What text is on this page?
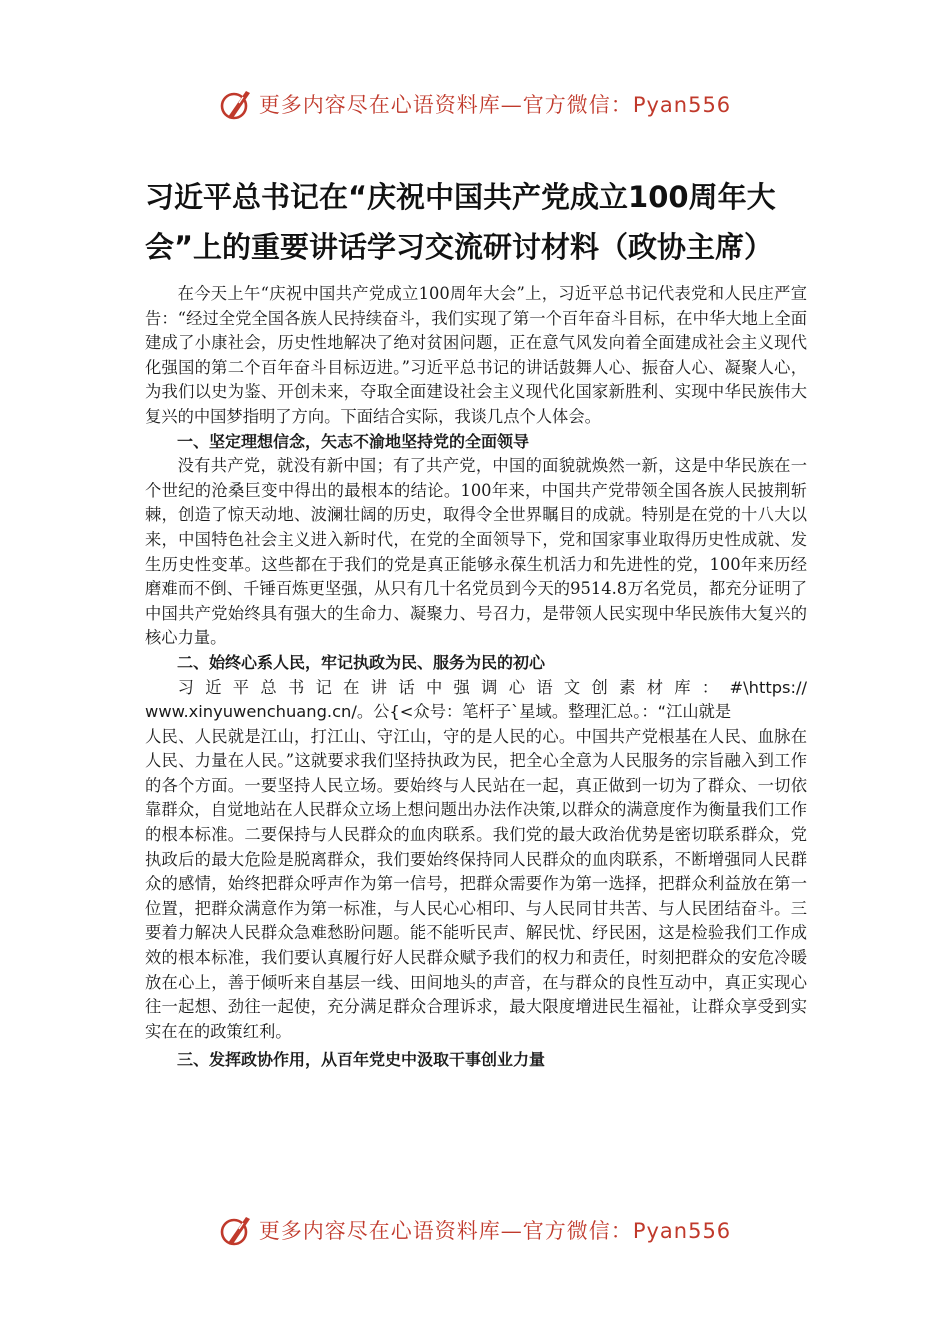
更多内容尽在心语资料库—官方微信：Pyan556
习近平总书记在“庆祝中国共产党成立100周年大会”上的重要讲话学习交流研讨材料（政协主席）

在今天上午“庆祝中国共产党成立100周年大会”上，习近平总书记代表党和人民庄严宣告：“经过全党全国各族人民持续奋斗，我们实现了第一个百年奋斗目标，在中华大地上全面建成了小康社会，历史性地解决了绝对贫困问题，正在意气风发向着全面建成社会主义现代化强国的第二个百年奋斗目标迈进。”习近平总书记的讲话鼓舞人心、振奋人心、凝聚人心，为我们以史为鉴、开创未来，夺取全面建设社会主义现代化国家新胜利、实现中华民族伟大复兴的中国梦指明了方向。下面结合实际，我谈几点个人体会。

一、坚定理想信念，矢志不渝地坚持党的全面领导

没有共产党，就没有新中国；有了共产党，中国的面貌就焕然一新，这是中华民族在一个世纪的沧桑巨变中得出的最根本的结论。100年来，中国共产党带领全国各族人民披荆斩棘，创造了惊天动地、波澜壮阔的历史，取得令全世界瞩目的成就。特别是在党的十八大以来，中国特色社会主义进入新时代，在党的全面领导下，党和国家事业取得历史性成就、发生历史性变革。这些都在于我们的党是真正能够永葆生机活力和先进性的党，100年来历经磨难而不倒、千锤百炼更坚强，从只有几十名党员到今天的9514.8万名党员，都充分证明了中国共产党始终具有强大的生命力、凝聚力、号召力，是带领人民实现中华民族伟大复兴的核心力量。

二、始终心系人民，牢记执政为民、服务为民的初心
习近平总书记在讲话中强调心语文创素材库：#\https://
www.xinyuwenchuang.cn/。公{<众号：笔杆子`星域。整理汇总。：“江山就是

人民、人民就是江山，打江山、守江山，守的是人民的心。中国共产党根基在人民、血脉在人民、力量在人民。”这就要求我们坚持执政为民，把全心全意为人民服务的宗旨融入到工作的各个方面。一要坚持人民立场。要始终与人民站在一起，真正做到一切为了群众、一切依靠群众，自觉地站在人民群众立场上想问题出办法作决策,以群众的满意度作为衡量我们工作的根本标准。二要保持与人民群众的血肉联系。我们党的最大政治优势是密切联系群众，党执政后的最大危险是脱离群众，我们要始终保持同人民群众的血肉联系，不断增强同人民群众的感情，始终把群众呼声作为第一信号，把群众需要作为第一选择，把群众利益放在第一位置，把群众满意作为第一标准，与人民心心相印、与人民同甘共苦、与人民团结奋斗。三要着力解决人民群众急难愁盼问题。能不能听民声、解民忧、纾民困，这是检验我们工作成效的根本标准，我们要认真履行好人民群众赋予我们的权力和责任，时刻把群众的安危冷暖放在心上，善于倾听来自基层一线、田间地头的声音，在与群众的良性互动中，真正实现心往一起想、劲往一起使，充分满足群众合理诉求，最大限度增进民生福祉，让群众享受到实实在在的政策红利。

三、发挥政协作用，从百年党史中汲取干事创业力量
更多内容尽在心语资料库—官方微信：Pyan556
